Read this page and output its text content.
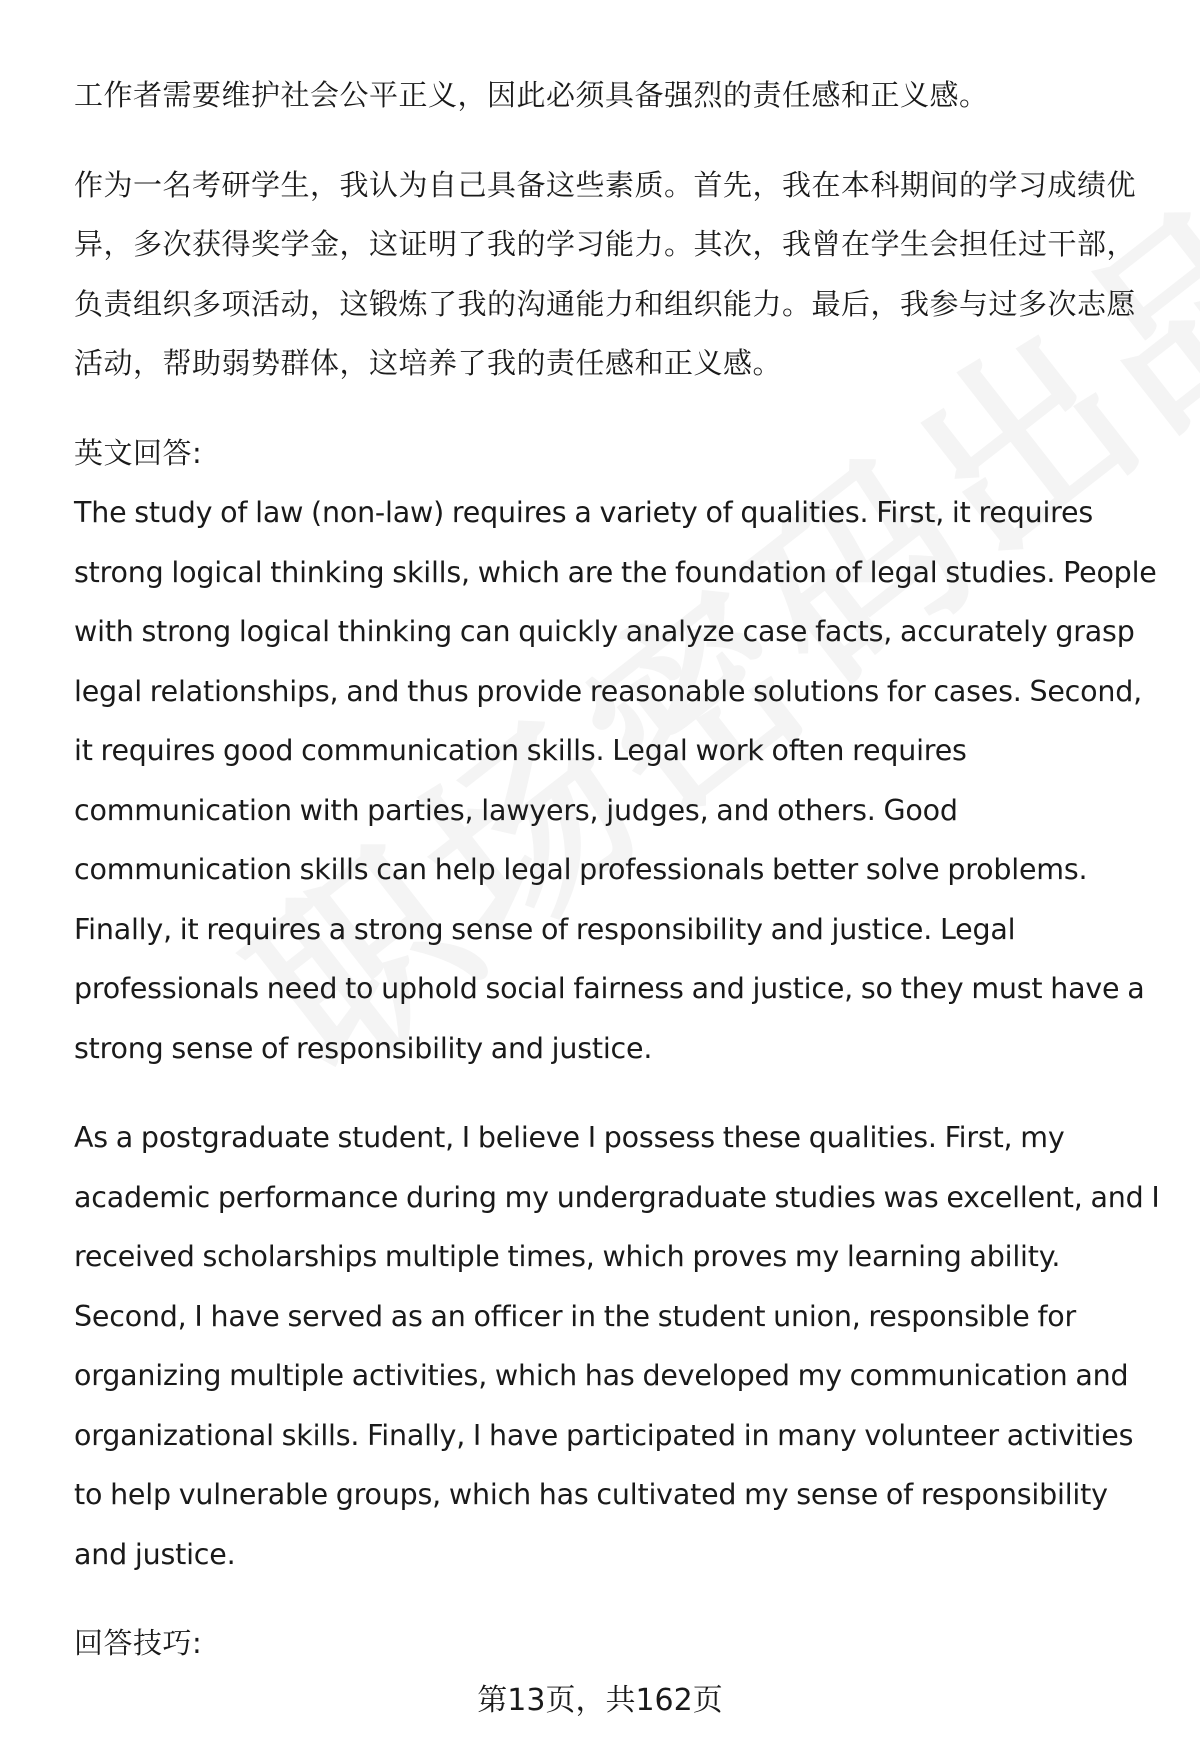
工作者需要维护社会公平正义，因此必须具备强烈的责任感和正义感。

作为一名考研学生，我认为自己具备这些素质。首先，我在本科期间的学习成绩优异，多次获得奖学金，这证明了我的学习能力。其次，我曾在学生会担任过干部，负责组织多项活动，这锻炼了我的沟通能力和组织能力。最后，我参与过多次志愿活动，帮助弱势群体，这培养了我的责任感和正义感。

英文回答:

The study of law (non-law) requires a variety of qualities. First, it requires strong logical thinking skills, which are the foundation of legal studies. People with strong logical thinking can quickly analyze case facts, accurately grasp legal relationships, and thus provide reasonable solutions for cases. Second, it requires good communication skills. Legal work often requires communication with parties, lawyers, judges, and others. Good communication skills can help legal professionals better solve problems. Finally, it requires a strong sense of responsibility and justice. Legal professionals need to uphold social fairness and justice, so they must have a strong sense of responsibility and justice.

As a postgraduate student, I believe I possess these qualities. First, my academic performance during my undergraduate studies was excellent, and I received scholarships multiple times, which proves my learning ability. Second, I have served as an officer in the student union, responsible for organizing multiple activities, which has developed my communication and organizational skills. Finally, I have participated in many volunteer activities to help vulnerable groups, which has cultivated my sense of responsibility and justice.

回答技巧:

第13页，共162页
